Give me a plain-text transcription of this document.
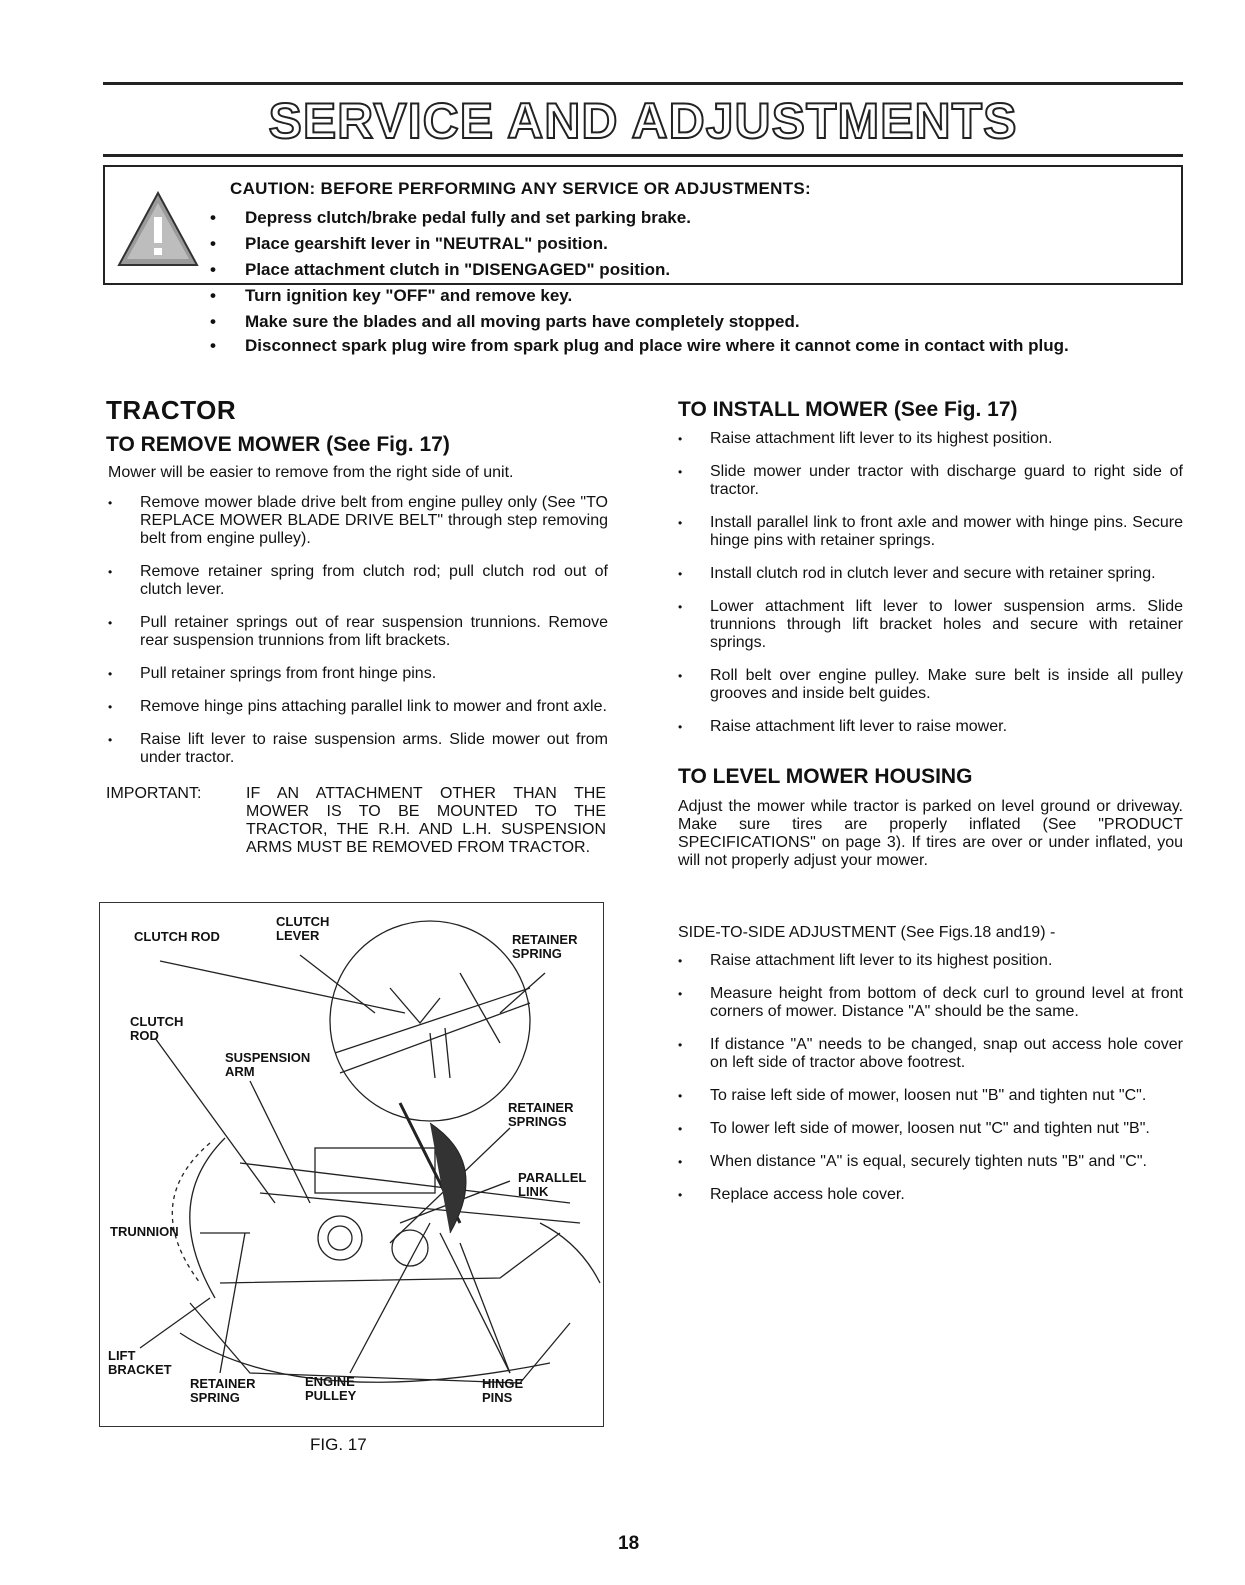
SERVICE AND ADJUSTMENTS
CAUTION: BEFORE PERFORMING ANY SERVICE OR ADJUSTMENTS:
• Depress clutch/brake pedal fully and set parking brake.
• Place gearshift lever in "NEUTRAL" position.
• Place attachment clutch in "DISENGAGED" position.
• Turn ignition key "OFF" and remove key.
• Make sure the blades and all moving parts have completely stopped.
• Disconnect spark plug wire from spark plug and place wire where it cannot come in contact with plug.
TRACTOR
TO REMOVE MOWER (See Fig. 17)

Mower will be easier to remove from the right side of unit.

• Remove mower blade drive belt from engine pulley only (See "TO REPLACE MOWER BLADE DRIVE BELT" through step removing belt from engine pulley).
• Remove retainer spring from clutch rod; pull clutch rod out of clutch lever.
• Pull retainer springs out of rear suspension trunnions. Remove rear suspension trunnions from lift brackets.
• Pull retainer springs from front hinge pins.
• Remove hinge pins attaching parallel link to mower and front axle.
• Raise lift lever to raise suspension arms. Slide mower out from under tractor.
IMPORTANT:	IF AN ATTACHMENT OTHER THAN THE MOWER IS TO BE MOUNTED TO THE TRACTOR, THE R.H. AND L.H. SUSPENSION ARMS MUST BE REMOVED FROM TRACTOR.
CLUTCH ROD
CLUTCH LEVER	RETAINER SPRING
CLUTCH ROD
SUSPENSION ARM
RETAINER SPRINGS
PARALLEL LINK
TRUNNION
LIFT BRACKET
RETAINER SPRING
ENGINE PULLEY
HINGE PINS
FIG. 17
TO INSTALL MOWER (See Fig. 17)
• Raise attachment lift lever to its highest position.
• Slide mower under tractor with discharge guard to right side of tractor.
• Install parallel link to front axle and mower with hinge pins. Secure hinge pins with retainer springs.
• Install clutch rod in clutch lever and secure with retainer spring.
• Lower attachment lift lever to lower suspension arms. Slide trunnions through lift bracket holes and secure with retainer springs.
• Roll belt over engine pulley. Make sure belt is inside all pulley grooves and inside belt guides.
• Raise attachment lift lever to raise mower.
TO LEVEL MOWER HOUSING

Adjust the mower while tractor is parked on level ground or driveway. Make sure tires are properly inflated (See "PRODUCT SPECIFICATIONS" on page 3). If tires are over or under inflated, you will not properly adjust your mower.

SIDE-TO-SIDE ADJUSTMENT (See Figs.18 and19) -

• Raise attachment lift lever to its highest position.
• Measure height from bottom of deck curl to ground level at front corners of mower. Distance "A" should be the same.
• If distance "A" needs to be changed, snap out access hole cover on left side of tractor above footrest.
• To raise left side of mower, loosen nut "B" and tighten nut "C".
• To lower left side of mower, loosen nut "C" and tighten nut "B".
• When distance "A" is equal, securely tighten nuts "B" and "C".
• Replace access hole cover.
18
